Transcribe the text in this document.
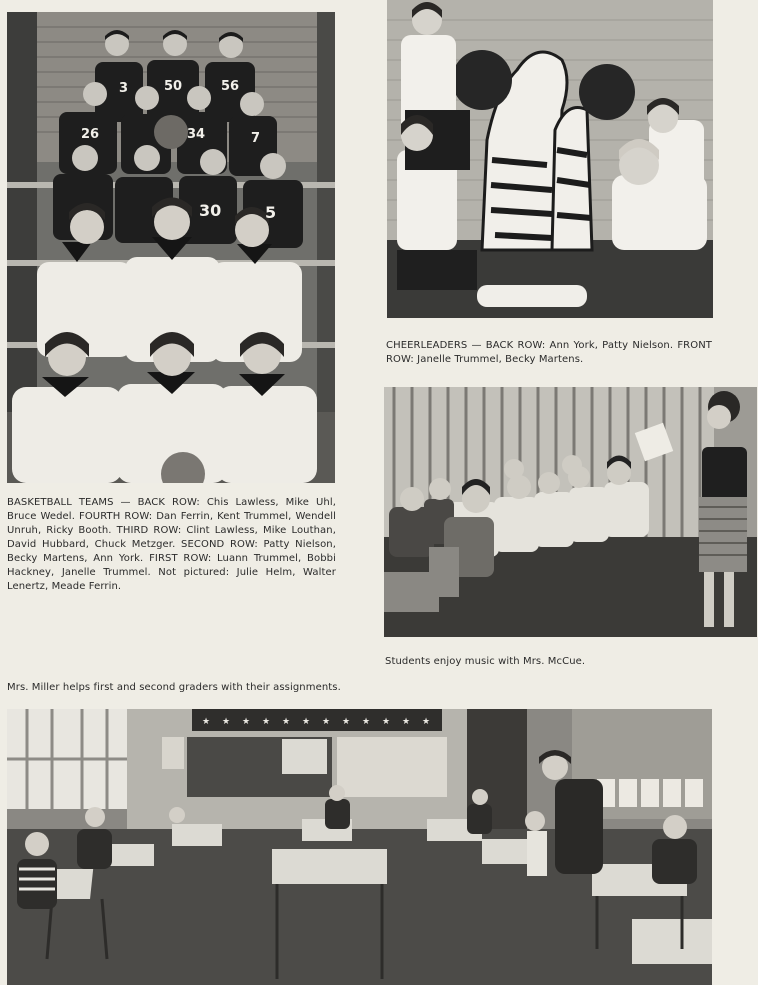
3	50	56
26	34	7
30	5
BASKETBALL TEAMS — BACK ROW: Chis Lawless, Mike Uhl, Bruce Wedel. FOURTH ROW: Dan Ferrin, Kent Trummel, Wendell Unruh, Ricky Booth. THIRD ROW: Clint Lawless, Mike Louthan, David Hubbard, Chuck Metzger. SECOND ROW: Patty Nielson, Becky Martens, Ann York. FIRST ROW: Luann Trummel, Bobbi Hackney, Janelle Trummel. Not pictured: Julie Helm, Walter Lenertz, Meade Ferrin.
CHEERLEADERS — BACK ROW: Ann York, Patty Nielson. FRONT ROW: Janelle Trummel, Becky Martens.
Students enjoy music with Mrs. McCue.
Mrs. Miller helps first and second graders with their assignments.
★ ★ ★ ★ ★ ★ ★ ★ ★ ★ ★ ★
